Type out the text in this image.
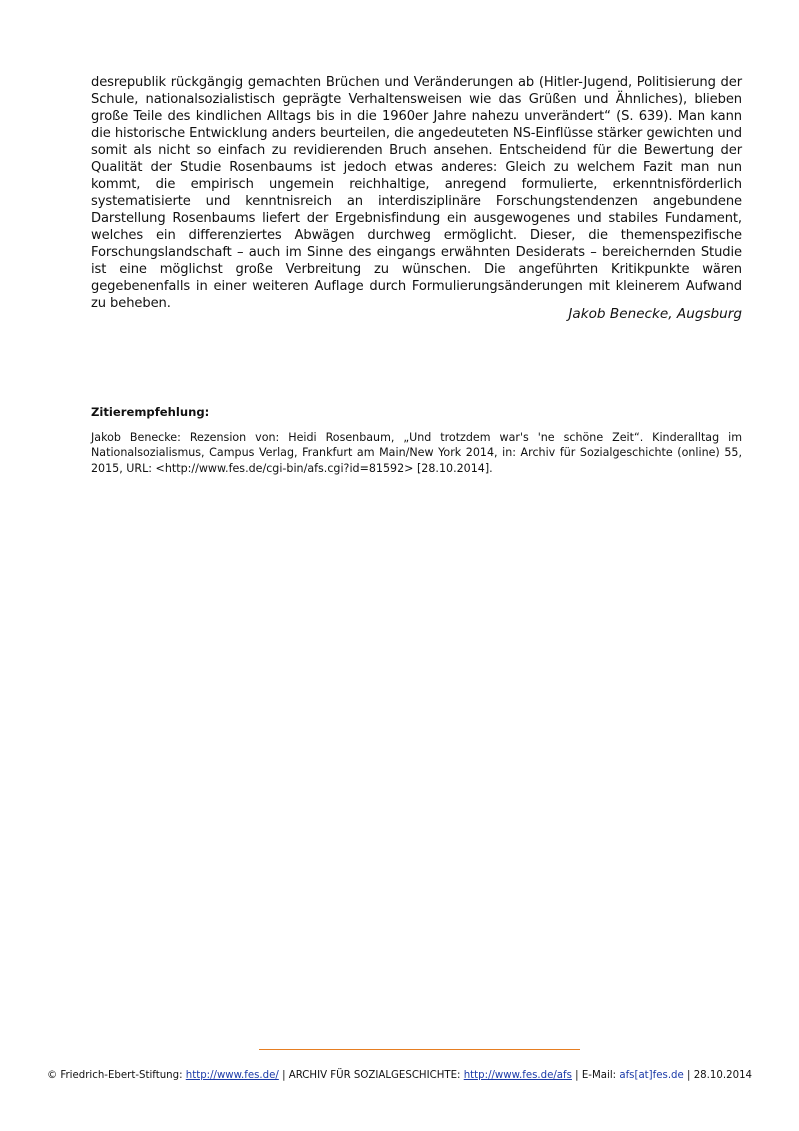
desrepublik rückgängig gemachten Brüchen und Veränderungen ab (Hitler-Jugend, Politisierung der Schule, nationalsozialistisch geprägte Verhaltensweisen wie das Grüßen und Ähnliches), blieben große Teile des kindlichen Alltags bis in die 1960er Jahre nahezu unverändert“ (S. 639). Man kann die historische Entwicklung anders beurteilen, die angedeuteten NS-Einflüsse stärker gewichten und somit als nicht so einfach zu revidierenden Bruch ansehen. Entscheidend für die Bewertung der Qualität der Studie Rosenbaums ist jedoch etwas anderes: Gleich zu welchem Fazit man nun kommt, die empirisch ungemein reichhaltige, anregend formulierte, erkenntnisförderlich systematisierte und kenntnisreich an interdisziplinäre Forschungstendenzen angebundene Darstellung Rosenbaums liefert der Ergebnisfindung ein ausgewogenes und stabiles Fundament, welches ein differenziertes Abwägen durchweg ermöglicht. Dieser, die themenspezifische Forschungslandschaft – auch im Sinne des eingangs erwähnten Desiderats – bereichernden Studie ist eine möglichst große Verbreitung zu wünschen. Die angeführten Kritikpunkte wären gegebenenfalls in einer weiteren Auflage durch Formulierungsänderungen mit kleinerem Aufwand zu beheben.

Jakob Benecke, Augsburg

Zitierempfehlung:

Jakob Benecke: Rezension von: Heidi Rosenbaum, „Und trotzdem war's 'ne schöne Zeit“. Kinderalltag im Nationalsozialismus, Campus Verlag, Frankfurt am Main/New York 2014, in: Archiv für Sozialgeschichte (online) 55, 2015, URL: <http://www.fes.de/cgi-bin/afs.cgi?id=81592> [28.10.2014].

© Friedrich-Ebert-Stiftung: http://www.fes.de/ | ARCHIV FÜR SOZIALGESCHICHTE: http://www.fes.de/afs | E-Mail: afs[at]fes.de | 28.10.2014
